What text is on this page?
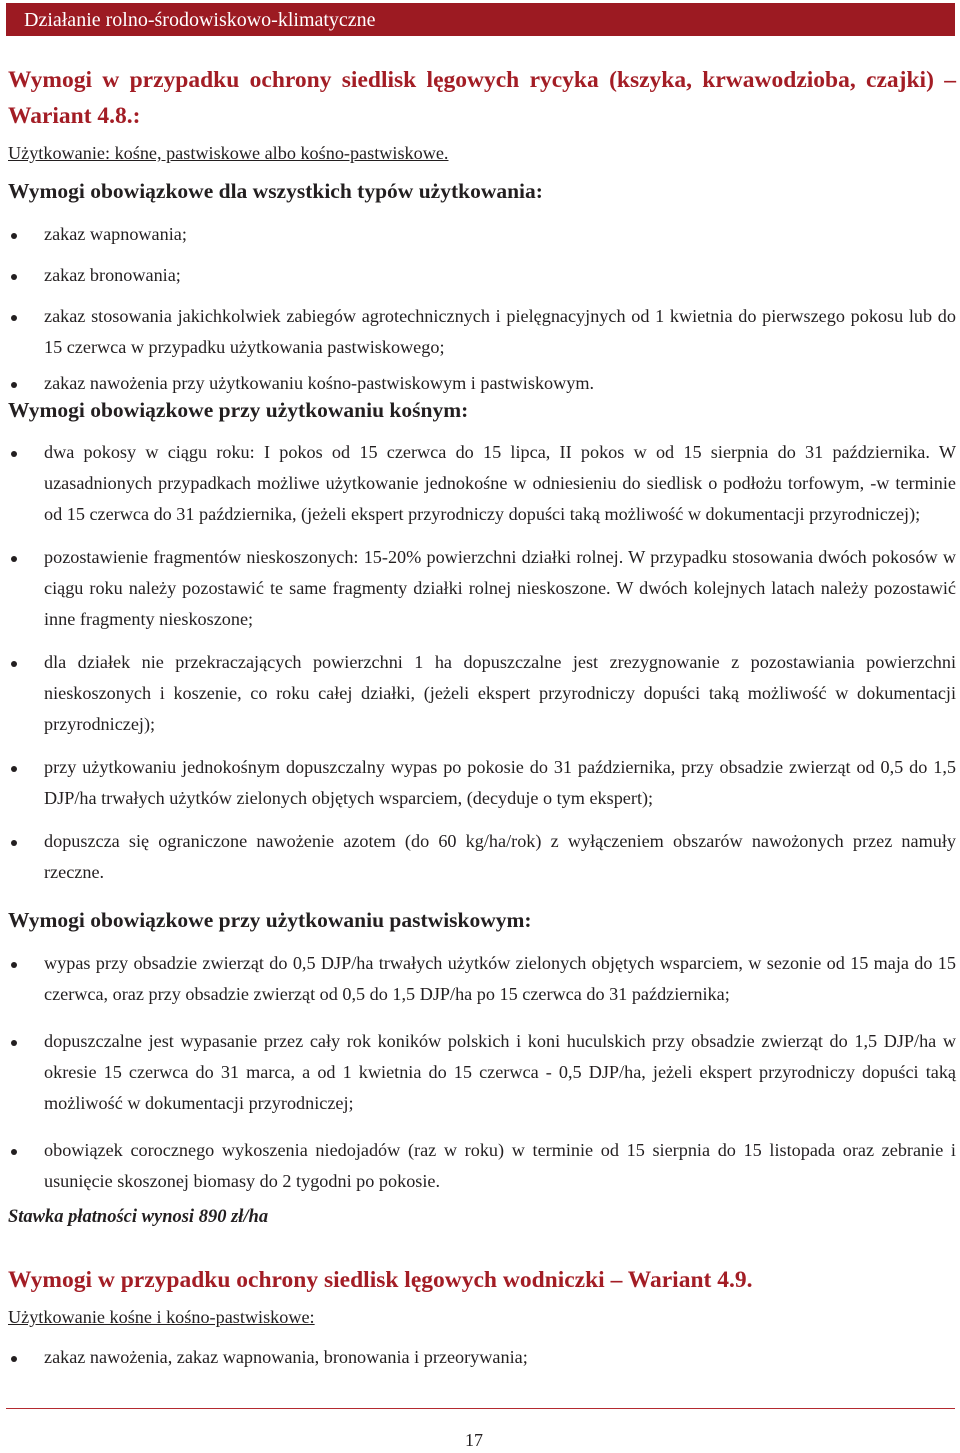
Działanie rolno-środowiskowo-klimatyczne
Wymogi w przypadku ochrony siedlisk lęgowych rycyka (kszyka, krwawodzioba, czajki) – Wariant 4.8.:
Użytkowanie: kośne, pastwiskowe albo kośno-pastwiskowe.
Wymogi obowiązkowe dla wszystkich typów użytkowania:
zakaz wapnowania;
zakaz bronowania;
zakaz stosowania jakichkolwiek zabiegów agrotechnicznych i pielęgnacyjnych od 1 kwietnia do pierwszego pokosu lub do 15 czerwca w przypadku użytkowania pastwiskowego;
zakaz nawożenia przy użytkowaniu kośno-pastwiskowym i pastwiskowym.
Wymogi obowiązkowe przy użytkowaniu kośnym:
dwa pokosy w ciągu roku: I pokos od 15 czerwca do 15 lipca, II pokos w od 15 sierpnia do 31 października. W uzasadnionych przypadkach możliwe użytkowanie jednokośne w odniesieniu do siedlisk o podłożu torfowym, -w terminie od 15 czerwca do 31 października, (jeżeli ekspert przyrodniczy dopuści taką możliwość w dokumentacji przyrodniczej);
pozostawienie fragmentów nieskoszonych: 15-20% powierzchni działki rolnej. W przypadku stosowania dwóch pokosów w ciągu roku należy pozostawić te same fragmenty działki rolnej nieskoszone. W dwóch kolejnych latach należy pozostawić inne fragmenty nieskoszone;
dla działek nie przekraczających powierzchni 1 ha dopuszczalne jest zrezygnowanie z pozostawiania powierzchni nieskoszonych i koszenie, co roku całej działki, (jeżeli ekspert przyrodniczy dopuści taką możliwość w dokumentacji przyrodniczej);
przy użytkowaniu jednokośnym dopuszczalny wypas po pokosie do 31 października, przy obsadzie zwierząt od 0,5 do 1,5 DJP/ha trwałych użytków zielonych objętych wsparciem, (decyduje o tym ekspert);
dopuszcza się ograniczone nawożenie azotem (do 60 kg/ha/rok) z wyłączeniem obszarów nawożonych przez namuły rzeczne.
Wymogi obowiązkowe przy użytkowaniu pastwiskowym:
wypas przy obsadzie zwierząt do 0,5 DJP/ha trwałych użytków zielonych objętych wsparciem, w sezonie od 15 maja do 15 czerwca, oraz przy obsadzie zwierząt od 0,5 do 1,5 DJP/ha po 15 czerwca do 31 października;
dopuszczalne jest wypasanie przez cały rok koników polskich i koni huculskich przy obsadzie zwierząt do 1,5 DJP/ha w okresie 15 czerwca do 31 marca, a od 1 kwietnia do 15 czerwca - 0,5 DJP/ha, jeżeli ekspert przyrodniczy dopuści taką możliwość w dokumentacji przyrodniczej;
obowiązek corocznego wykoszenia niedojadów (raz w roku) w terminie od 15 sierpnia do 15 listopada oraz zebranie i usunięcie skoszonej biomasy do 2 tygodni po pokosie.
Stawka płatności wynosi 890 zł/ha
Wymogi w przypadku ochrony siedlisk lęgowych wodniczki – Wariant 4.9.
Użytkowanie kośne i kośno-pastwiskowe:
zakaz nawożenia, zakaz wapnowania, bronowania i przeorywania;
17
